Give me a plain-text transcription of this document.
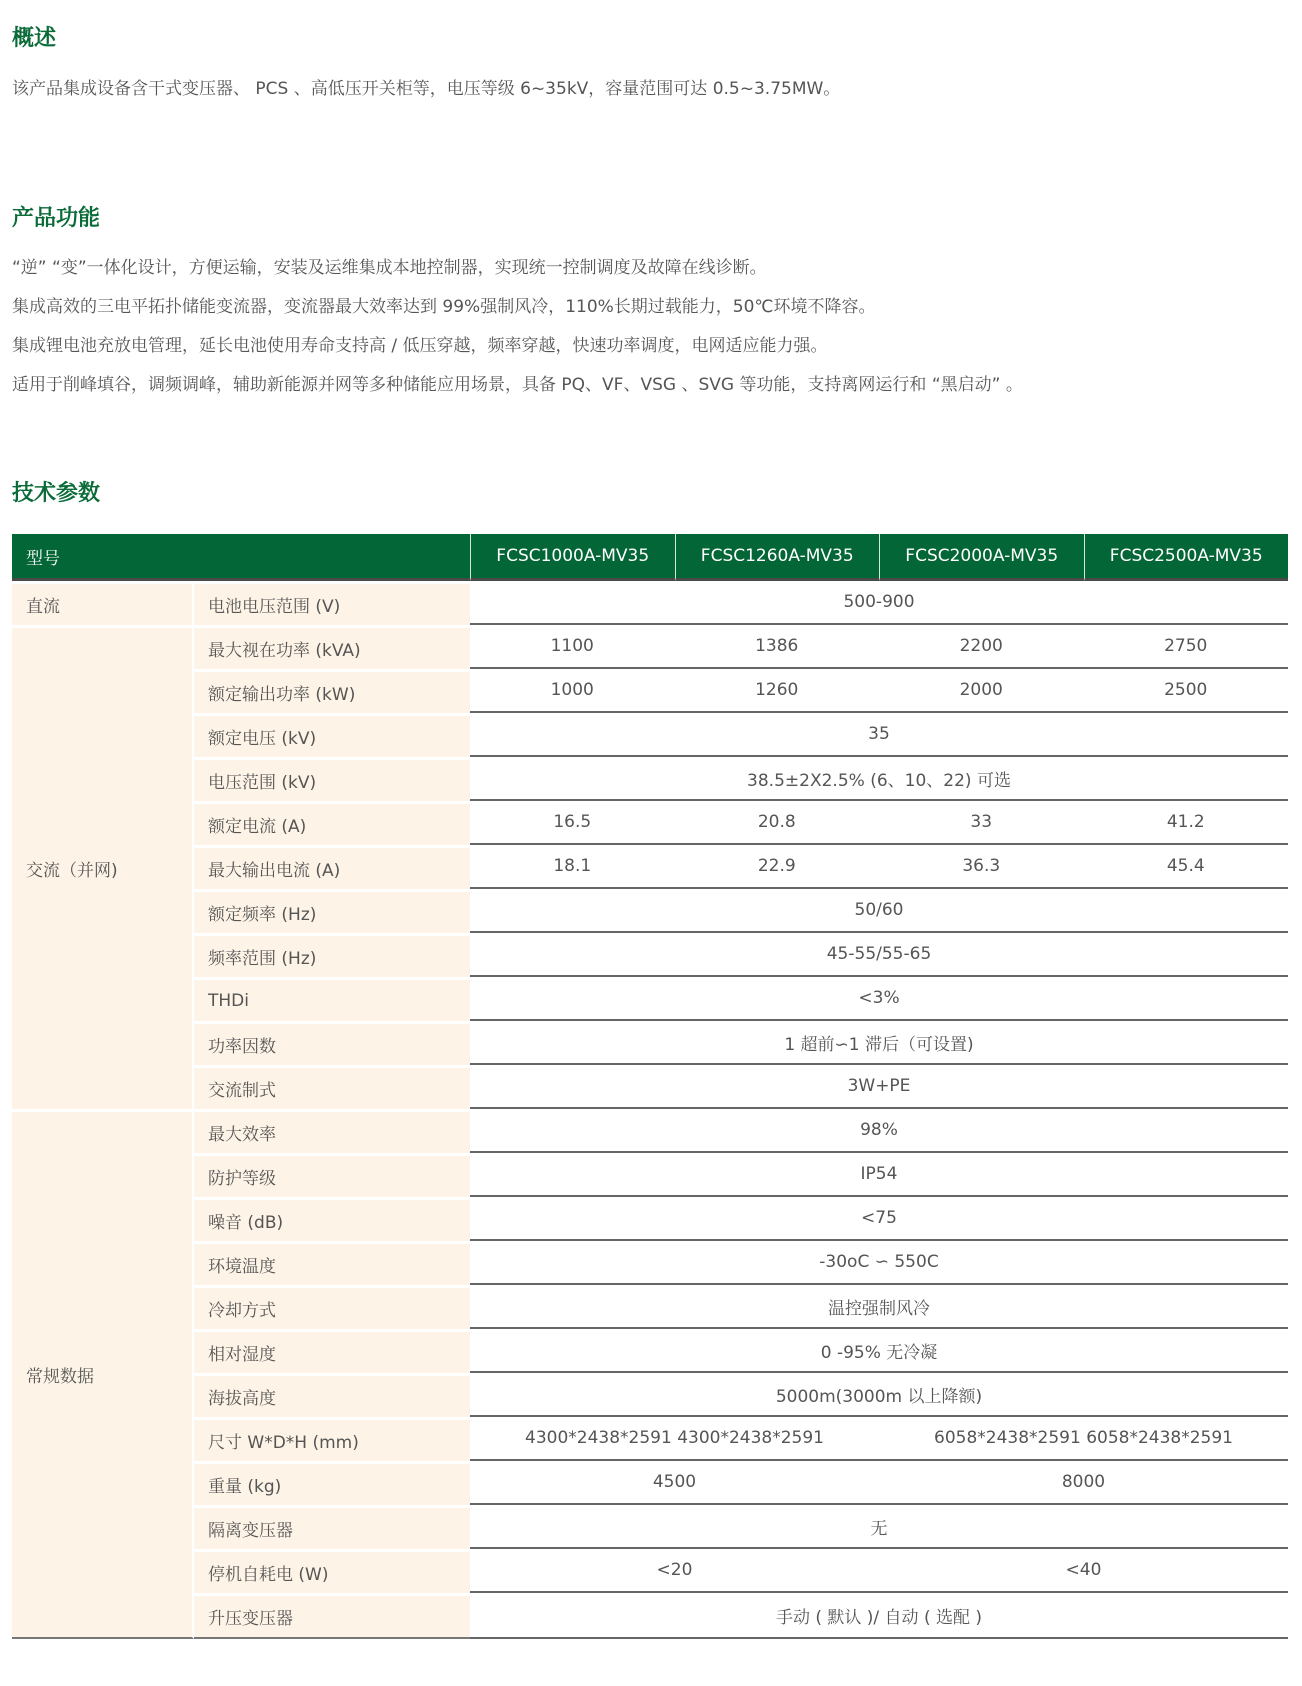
概述

该产品集成设备含干式变压器、 PCS 、高低压开关柜等，电压等级 6~35kV，容量范围可达 0.5~3.75MW。

产品功能

“逆” “变”一体化设计，方便运输，安装及运维集成本地控制器，实现统一控制调度及故障在线诊断。

集成高效的三电平拓扑储能变流器，变流器最大效率达到 99%强制风冷，110%长期过载能力，50℃环境不降容。

集成锂电池充放电管理，延长电池使用寿命支持高 / 低压穿越，频率穿越，快速功率调度，电网适应能力强。

适用于削峰填谷，调频调峰，辅助新能源并网等多种储能应用场景，具备 PQ、VF、VSG 、SVG 等功能，支持离网运行和 “黑启动” 。

技术参数
型号		FCSC1000A-MV35	FCSC1260A-MV35	FCSC2000A-MV35	FCSC2500A-MV35
直流	电池电压范围 (V)	500-900			
交流（并网)	最大视在功率 (kVA)	1100	1386	2200	2750
	额定输出功率 (kW)	1000	1260	2000	2500
	额定电压 (kV)	35			
	电压范围 (kV)	38.5±2X2.5% (6、10、22) 可选			
	额定电流 (A)	16.5	20.8	33	41.2
	最大输出电流 (A)	18.1	22.9	36.3	45.4
	额定频率 (Hz)	50/60			
	频率范围 (Hz)	45-55/55-65			
	THDi	<3%			
	功率因数	1 超前∽1 滞后（可设置)			
	交流制式	3W+PE			
常规数据	最大效率	98%			
	防护等级	IP54			
	噪音 (dB)	<75			
	环境温度	-30oC ∽ 550C			
	冷却方式	温控强制风冷			
	相对湿度	0 -95% 无冷凝			
	海拔高度	5000m(3000m 以上降额)			
	尺寸 W*D*H (mm)	4300*2438*2591 4300*2438*2591		6058*2438*2591 6058*2438*2591	
	重量 (kg)	4500		8000	
	隔离变压器	无			
	停机自耗电 (W)	<20		<40	
	升压变压器	手动 ( 默认 )/ 自动 ( 选配 )			
